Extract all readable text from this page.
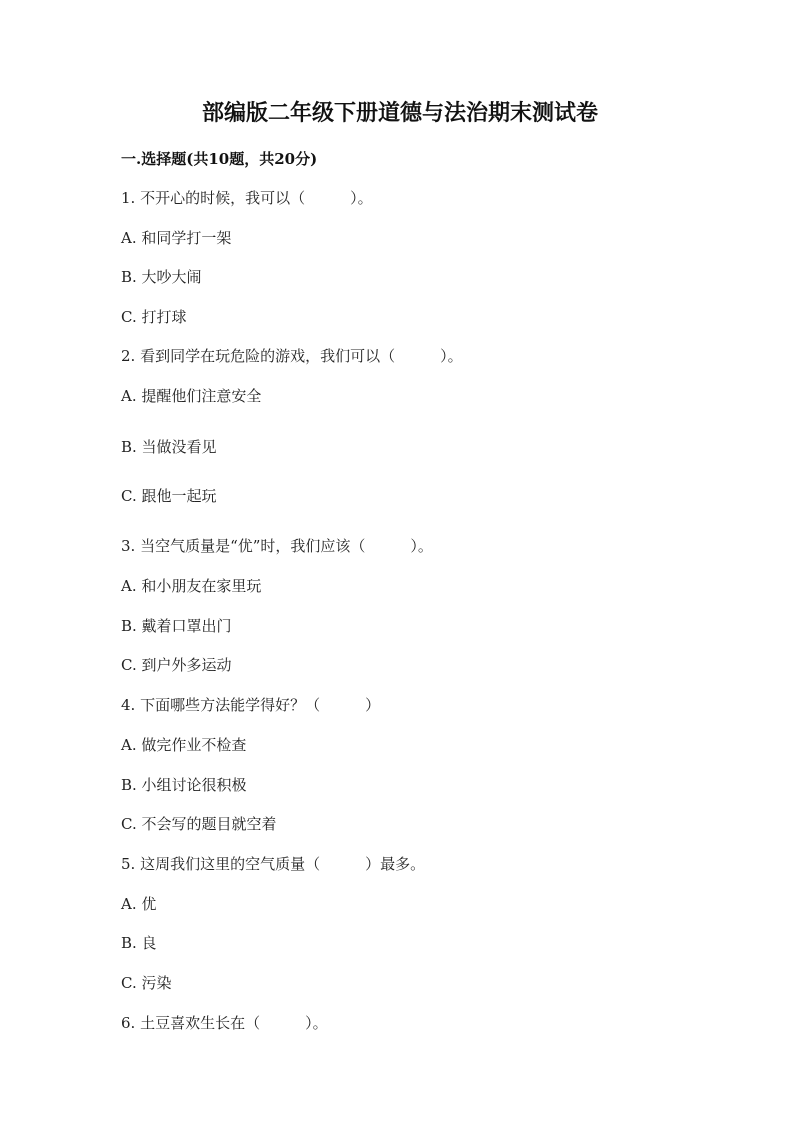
部编版二年级下册道德与法治期末测试卷
一.选择题(共10题，共20分)

1. 不开心的时候，我可以（　　　）。

A. 和同学打一架

B. 大吵大闹

C. 打打球

2. 看到同学在玩危险的游戏，我们可以（　　　）。

A. 提醒他们注意安全

B. 当做没看见

C. 跟他一起玩

3. 当空气质量是“优”时，我们应该（　　　）。

A. 和小朋友在家里玩

B. 戴着口罩出门

C. 到户外多运动

4. 下面哪些方法能学得好？（　　　）

A. 做完作业不检查

B. 小组讨论很积极

C. 不会写的题目就空着

5. 这周我们这里的空气质量（　　　）最多。

A. 优

B. 良

C. 污染

6. 土豆喜欢生长在（　　　）。
